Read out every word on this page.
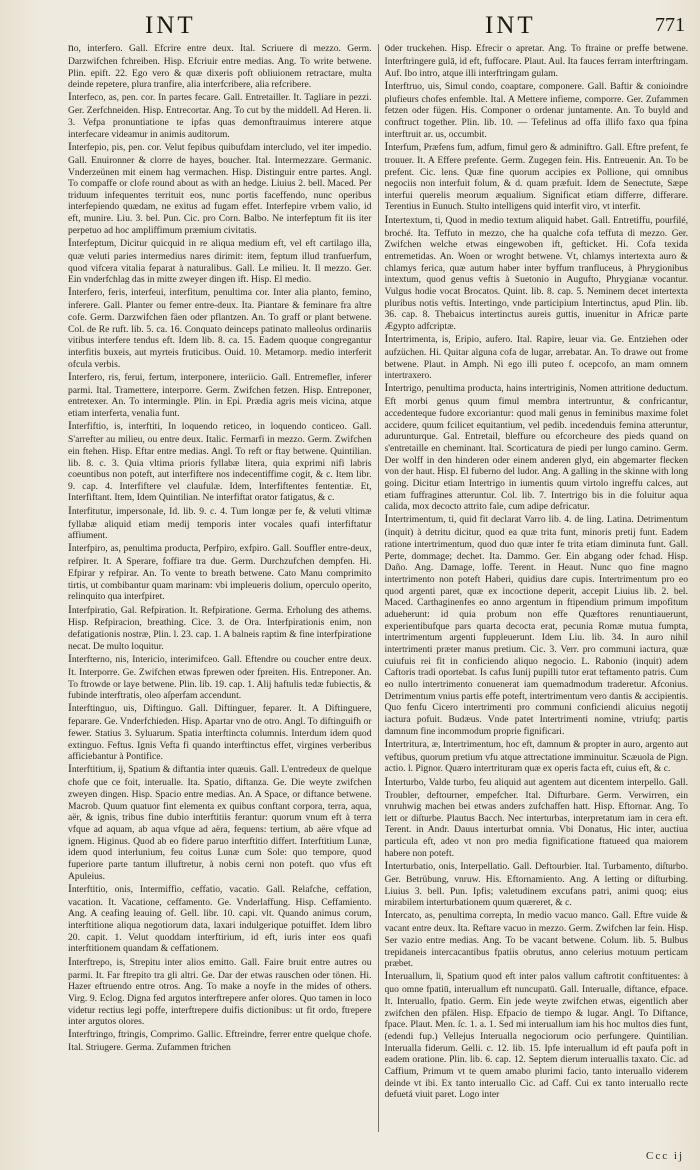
INT	INT	771

no, interfero. Gall. Efcrire entre deux. Ital. Scriuere di mezzo. Germ. Darzwifchen fchreiben. Hisp. Efcriuir entre medias. Ang. To write betwene. Plin. epift. 22. Ego vero & quæ dixeris poft obliuionem retractare, multa deinde repetere, plura tranfire, alia interfcribere, alia refcribere.

Interfeco, as, pen. cor. In partes fecare. Gall. Entretailler. It. Tagliare in pezzi. Ger. Zerfchneiden. Hisp. Entrecortar. Ang. To cut by the middell. Ad Heren. li. 3. Vefpa pronuntiatione te ipfas quas demonftrauimus interere atque interfecare videamur in animis auditorum.

Interfepio, pis, pen. cor. Velut fepibus quibufdam intercludo, vel iter impedio. Gall. Enuironner & clorre de hayes, boucher. Ital. Intermezzare. Germanic. Vnderzeünen mit einem hag vermachen. Hisp. Distinguir entre partes. Angl. To compaffe or clofe round about as with an hedge. Liuius 2. bell. Maced. Per triduum infequentes territuit eos, nunc portis faceffendo, nunc operibus interfepiendo quædam, ne exitus ad fugam effet. Interfepire vrbem valio, id eft, munire. Liu. 3. bel. Pun. Cic. pro Corn. Balbo. Ne interfeptum fit iis iter perpetuo ad hoc ampliffimum præmium civitatis.

Interfeptum, Dicitur quicquid in re aliqua medium eft, vel eft cartilago illa, quæ veluti paries intermedius nares dirimit: item, feptum illud tranfuerfum, quod vifcera vitalia feparat à naturalibus. Gall. Le milieu. It. Il mezzo. Ger. Ein vnderfchlag das in mitte zweyer dingen ift. Hisp. El medio.

Interfero, feris, interfeui, interfitum, penultima cor. Inter alia planto, femino, inferere. Gall. Planter ou femer entre-deux. Ita. Piantare & feminare fra altre cofe. Germ. Darzwifchen fäen oder pflantzen. An. To graff or plant betwene. Col. de Re ruft. lib. 5. ca. 16. Conquato deinceps patinato malleolus ordinariis vitibus interfere tendus eft. Idem lib. 8. ca. 15. Eadem quoque congregantur interfitis buxeis, aut myrteis fruticibus. Ouid. 10. Metamorp. medio interferit ofcula verbis.

Interfero, ris, ferui, fertum, interponere, interiicio. Gall. Entremefler, inferer parmi. Ital. Tramettere, interporre. Germ. Zwifchen fetzen. Hisp. Entreponer, entretexer. An. To intermingle. Plin. in Epi. Prædia agris meis vicina, atque etiam interferta, venalia funt.

Interfiftio, is, interftiti, In loquendo reticeo, in loquendo conticeo. Gall. S'arrefter au milieu, ou entre deux. Italic. Fermarfi in mezzo. Germ. Zwifchen ein ftehen. Hisp. Eftar entre medias. Angl. To reft or ftay betwene. Quintilian. lib. 8. c. 3. Quia vltima prioris fyllabæ litera, quia exprimi nifi labris coeuntibus non poteft, aut interfiftere nos indecentiffime cogit, & c. Item libr. 9. cap. 4. Interfiftere vel claufulæ. Idem, Interfiftentes fententiæ. Et, Interfiftant. Item, Idem Quintilian. Ne interfiftat orator fatigatus, & c.

Interfitutur, impersonale, Id. lib. 9. c. 4. Tum longæ per fe, & veluti vltimæ fyllabæ aliquid etiam medij temporis inter vocales quafi interfiftatur affiument.

Interfpiro, as, penultima producta, Perfpiro, exfpiro. Gall. Souffler entre-deux, refpirer. It. A Sperare, foffiare tra due. Germ. Durchzufchen dempfen. Hi. Efpirar y refpirar. An. To vente to breath betwene. Cato Manu comprimito tirtis, ut combibantur quam marinam: vbi impleueris dolium, operculo operito, relinquito qua interfpiret.

Interfpiratio, Gal. Refpiration. It. Refpiratione. Germa. Erholung des athems. Hisp. Refpiracion, breathing. Cice. 3. de Ora. Interfpirationis enim, non defatigationis nostræ, Plin. l. 23. cap. 1. A balneis raptim & fine interfpiratione necat. De multo loquitur.

Interfterno, nis, Intericio, interimifceo. Gall. Eftendre ou coucher entre deux. It. Interporre. Ge. Zwifchen etwas fprewen oder fpreiten. His. Entreponer. An. To ftrowde or laye betwene. Plin. lib. 19. cap. 1. Alij haftulis tedæ fubiectis, & fubinde interftratis, oleo aſperfam accendunt.

Interftinguo, uis, Diftinguo. Gall. Diftinguer, feparer. It. A Diftinguere, feparare. Ge. Vnderfchieden. Hisp. Apartar vno de otro. Angl. To diftinguifh or fewer. Statius 3. Syluarum. Spatia interftincta columnis. Interdum idem quod extinguo. Feftus. Ignis Vefta fi quando interftinctus effet, virgines verberibus afficiebantur à Pontifice.

Interftitium, ij, Spatium & diftantia inter quæuis. Gall. L'entredeux de quelque chofe que ce foit, interualle. Ita. Spatio, diftanza. Ge. Die weyte zwifchen zweyen dingen. Hisp. Spacio entre medias. An. A Space, or diftance betwene. Macrob. Quum quatuor fint elementa ex quibus conftant corpora, terra, aqua, aër, & ignis, tribus fine dubio interftitiis ferantur: quorum vnum eft à terra vfque ad aquam, ab aqua vfque ad aëra, fequens: tertium, ab aëre vfque ad ignem. Higinus. Quod ab eo fidere paruo interftitio differt. Interftitium Lunæ, idem quod interlunium, feu coitus Lunæ cum Sole: quo tempore, quod fuperiore parte tantum illuftretur, à nobis cerni non poteft. quo vfus eft Apuleius.

Interftitio, onis, Intermiffio, ceffatio, vacatio. Gall. Relafche, ceffation, vacation. It. Vacatione, ceffamento. Ge. Vnderlaffung. Hisp. Ceffamiento. Ang. A ceafing leauing of. Gell. libr. 10. capi. vlt. Quando animus corum, interftitione aliqua negotiorum data, laxari indulgerique potuiffet. Idem libro 20. capit. 1. Velut quoddam interftirium, id eft, iuris inter eos quafi interftitionem quandam & ceffationem.

Interftrepo, is, Strepitu inter alios emitto. Gall. Faire bruit entre autres ou parmi. It. Far ftrepito tra gli altri. Ge. Dar der etwas rauschen oder tönen. Hi. Hazer eftruendo entre otros. Ang. To make a noyfe in the mides of others. Virg. 9. Eclog. Digna fed argutos interftrepere anfer olores. Quo tamen in loco videtur rectius legi poffe, interftrepere duifis dictionibus: ut fit ordo, ftrepere inter argutos olores.

Interftringo, ftringis, Comprimo. Gallic. Eftreindre, ferrer entre quelque chofe. Ital. Striugere. Germa. Zufammen ftrichen

oder truckehen. Hisp. Efrecir o apretar. Ang. To ftraine or preffe betwene. Interftringere gulā, id eft, fuffocare. Plaut. Aul. Ita fauces ferram interftringam. Auf. Ibo intro, atque illi interftringam gulam.

Interftruo, uis, Simul condo, coaptare, componere. Gall. Baftir & conioindre plufieurs chofes enfemble. Ital. A Mettere infieme, comporre. Ger. Zufammen fetzen oder fügen. His. Componer o ordenar juntamente. An. To buyld and conftruct together. Plin. lib. 10. — Tefelinus ad offa illifo faxo qua fpina interftruit ar. us, occumbit.

Interfum, Præfens fum, adfum, fimul gero & adminiftro. Gall. Eftre prefent, fe trouuer. It. A Effere prefente. Germ. Zugegen fein. His. Entreuenir. An. To be prefent. Cic. lens. Quæ fine quorum accipies ex Pollione, qui omnibus negociis non interfuit folum, & d. quam præfuit. Idem de Senectute, Sæpe interfui querelis meorum æqualium. Significat etiam differre, differare. Terentius in Eunuch. Stulto intelligens quid interfit viro, vt interfit.

Intertextum, ti, Quod in medio textum aliquid habet. Gall. Entretiffu, pourfilé, broché. Ita. Teffuto in mezzo, che ha qualche cofa teffuta di mezzo. Ger. Zwifchen welche etwas eingewoben ift, gefticket. Hi. Cofa texida entremetidas. An. Woen or wroght betwene. Vt, chlamys intertexta auro & chlamys ferica, quæ autum haber inter byffum tranfluceus, à Phrygionibus intextum, quod genus veftis à Suetonio in Augufto, Phrygianæ vocantur. Vulgus hodie vocat Brocatos. Quint. lib. 8. cap. 5. Neminem decet intertexta pluribus notis veftis. Intertingo, vnde participium Intertinctus, apud Plin. lib. 36. cap. 8. Thebaicus intertinctus aureis guttis, inuenitur in Africæ parte Ægypto adfcriptæ.

Intertrimenta, is, Eripio, aufero. Ital. Rapire, leuar via. Ge. Entziehen oder aufzüchen. Hi. Quitar alguna cofa de lugar, arrebatar. An. To drawe out frome betwene. Plaut. in Amph. Ni ego illi puteo f. ocepcofo, an mam omnem intertraxero.

Intertrigo, penultima producta, hains intertriginis, Nomen attritione deductum. Eft morbi genus quum fimul membra intertruntur, & confricantur, accedenteque fudore excoriantur: quod mali genus in feminibus maxime folet accidere, quum fcilicet equitantium, vel pedib. incedenduis femina atteruntur, adurunturque. Gal. Entretail, bleffure ou efcorcheure des pieds quand on s'entretaille en cheminant. Ital. Scorticatura de piedi per lungo camino. Germ. Der wolff in den hinderen oder einem anderen glyd, ein abgemarter flecken von der haut. Hisp. El fuberno del ludor. Ang. A galling in the skinne with long going. Dicitur etiam Intertrigo in iumentis quum virtolo ingreffu calces, aut etiam fuffragines atteruntur. Col. lib. 7. Intertrigo bis in die foluitur aqua calida, mox decocto attrito fale, cum adipe defricatur.

Intertrimentum, ti, quid fit declarat Varro lib. 4. de ling. Latina. Detrimentum (inquit) à detritu dicitur, quod ea quæ trita funt, minoris pretij funt. Eadem ratione intertrimentum, quod duo quæ inter fe trita etiam diminuta funt. Gall. Perte, dommage; dechet. Ita. Dammo. Ger. Ein abgang oder fchad. Hisp. Daño. Ang. Damage, loffe. Terent. in Heaut. Nunc quo fine magno intertrimento non poteft Haberi, quidius dare cupis. Intertrimentum pro eo quod argenti paret, quæ ex incoctione deperit, accepit Liuius lib. 2. bel. Maced. Carthaginenfes eo anno argentum in ftipendium primum impofitum adueherunt: id quia probum non effe Quæftores renuntiauerunt, experientibufque pars quarta decocta erat, pecunia Romæ mutua fumpta, intertrimentum argenti fuppleuerunt. Idem Liu. lib. 34. In auro nihil intertrimenti præter manus pretium. Cic. 3. Verr. pro communi iactura, quæ cuiufuis rei fit in conficiendo aliquo negocio. L. Rabonio (inquit) adem Caftoris tradi oportebat. Is cafus Iunij pupilli tutor erat teftamento patris. Cum eo nullo intertrimento conuenerat iam quemadmodum traderetur. Afconius. Detrimentum vnius partis effe poteft, intertrimentum vero dantis & accipientis. Quo fenfu Cicero intertrimenti pro communi conficiendi alicuius negotij iactura pofuit. Budæus. Vnde patet Intertrimenti nomine, vtriufq; partis damnum fine incommodum proprie fignificari.

Intertritura, æ, Intertrimentum, hoc eft, damnum & propter in auro, argento aut veftibus, quorum pretium vfu atque attrectatione imminuitur. Scæuola de Pign. actio. l. Pignor. Quæro intertrituram quæ ex operis facta eft, cuius eft, & c.

Interturbo, Valde turbo, feu aliquid aut agentem aut dicentem interpello. Gall. Troubler, deftourner, empefcher. Ital. Difturbare. Germ. Verwirren, ein vnruhwig machen bei etwas anders zufchaffen hatt. Hisp. Eftornar. Ang. To lett or diſturbe. Plautus Bacch. Nec interturbas, interpretatum iam in cera eft. Terent. in Andr. Dauus interturbat omnia. Vbi Donatus, Hic inter, auctiua particula eft, adeo vt non pro media fignificatione ftatueed qua maiorem habere non poteft.

Interturbatio, onis, Interpellatio. Gall. Deftourbier. Ital. Turbamento, diſturbo. Ger. Betrübung, vnruw. His. Eftornamiento. Ang. A letting or diſturbing. Liuius 3. bell. Pun. Ipfis; valetudinem excufans patri, animi quoq; eius mirabilem interturbationem quum quæreret, & c.

Intercato, as, penultima correpta, In medio vacuo manco. Gall. Eftre vuide & vacant entre deux. Ita. Reftare vacuo in mezzo. Germ. Zwifchen lar fein. Hisp. Ser vazio entre medias. Ang. To be vacant betwene. Colum. lib. 5. Bulbus trepidaneis intercacantibus fpatiis obrutus, anno celerius motuum perticam præbet.

Interuallum, li, Spatium quod eft inter palos vallum caftrotit conftituentes: à quo omne fpatiū, interuallum eft nuncupatū. Gall. Interualle, diftance, efpace. It. Interuallo, fpatio. Germ. Ein jede weyte zwifchen etwas, eigentlich aber zwifchen den pfälen. Hisp. Efpacio de tiempo & lugar. Angl. To Diftance, fpace. Plaut. Men. ſc. 1. a. 1. Sed mi interuallum iam his hoc multos dies funt, (edendi fup.) Vellejus Interualla negociorum ocio perfungere. Quintilian. Interualla fiderum. Gelli. c. 12. lib. 15. Ipfe interuallum id eft paufa poft in eadem oratione. Plin. lib. 6. cap. 12. Septem dierum interuallis taxato. Cic. ad Caffium, Primum vt te quem amabo plurimi facio, tanto interuallo viderem deinde vt ibi. Ex tanto interuallo Cic. ad Caff. Cui ex tanto interuallo recte defuetá viuit paret. Logo inter

Ccc ij
